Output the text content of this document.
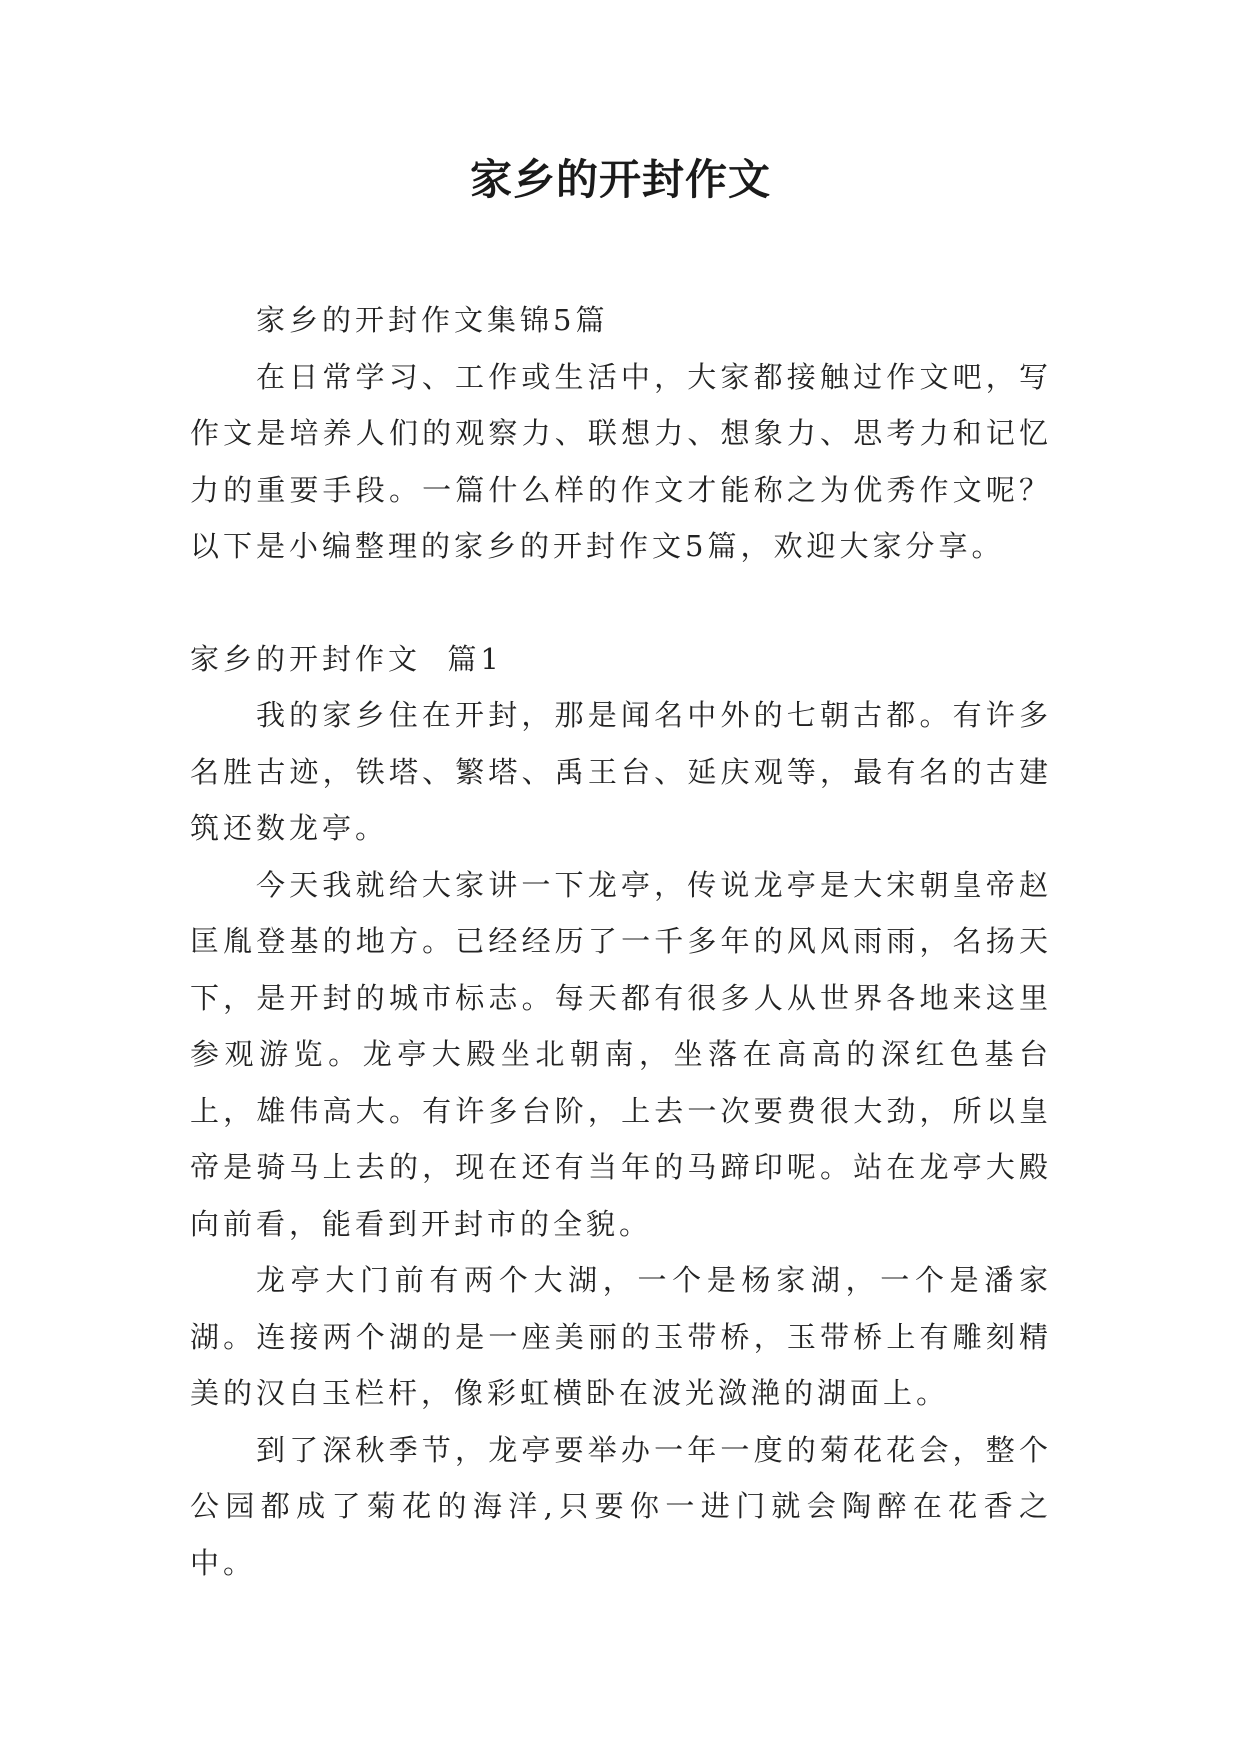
家乡的开封作文

家乡的开封作文集锦5篇

在日常学习、工作或生活中，大家都接触过作文吧，写作文是培养人们的观察力、联想力、想象力、思考力和记忆力的重要手段。一篇什么样的作文才能称之为优秀作文呢？以下是小编整理的家乡的开封作文5篇，欢迎大家分享。

家乡的开封作文  篇1

我的家乡住在开封，那是闻名中外的七朝古都。有许多名胜古迹，铁塔、繁塔、禹王台、延庆观等，最有名的古建筑还数龙亭。

今天我就给大家讲一下龙亭，传说龙亭是大宋朝皇帝赵匡胤登基的地方。已经经历了一千多年的风风雨雨，名扬天下，是开封的城市标志。每天都有很多人从世界各地来这里参观游览。龙亭大殿坐北朝南，坐落在高高的深红色基台上，雄伟高大。有许多台阶，上去一次要费很大劲，所以皇帝是骑马上去的，现在还有当年的马蹄印呢。站在龙亭大殿向前看，能看到开封市的全貌。

龙亭大门前有两个大湖，一个是杨家湖，一个是潘家湖。连接两个湖的是一座美丽的玉带桥，玉带桥上有雕刻精美的汉白玉栏杆，像彩虹横卧在波光潋滟的湖面上。

到了深秋季节，龙亭要举办一年一度的菊花花会，整个公园都成了菊花的海洋,只要你一进门就会陶醉在花香之中。
